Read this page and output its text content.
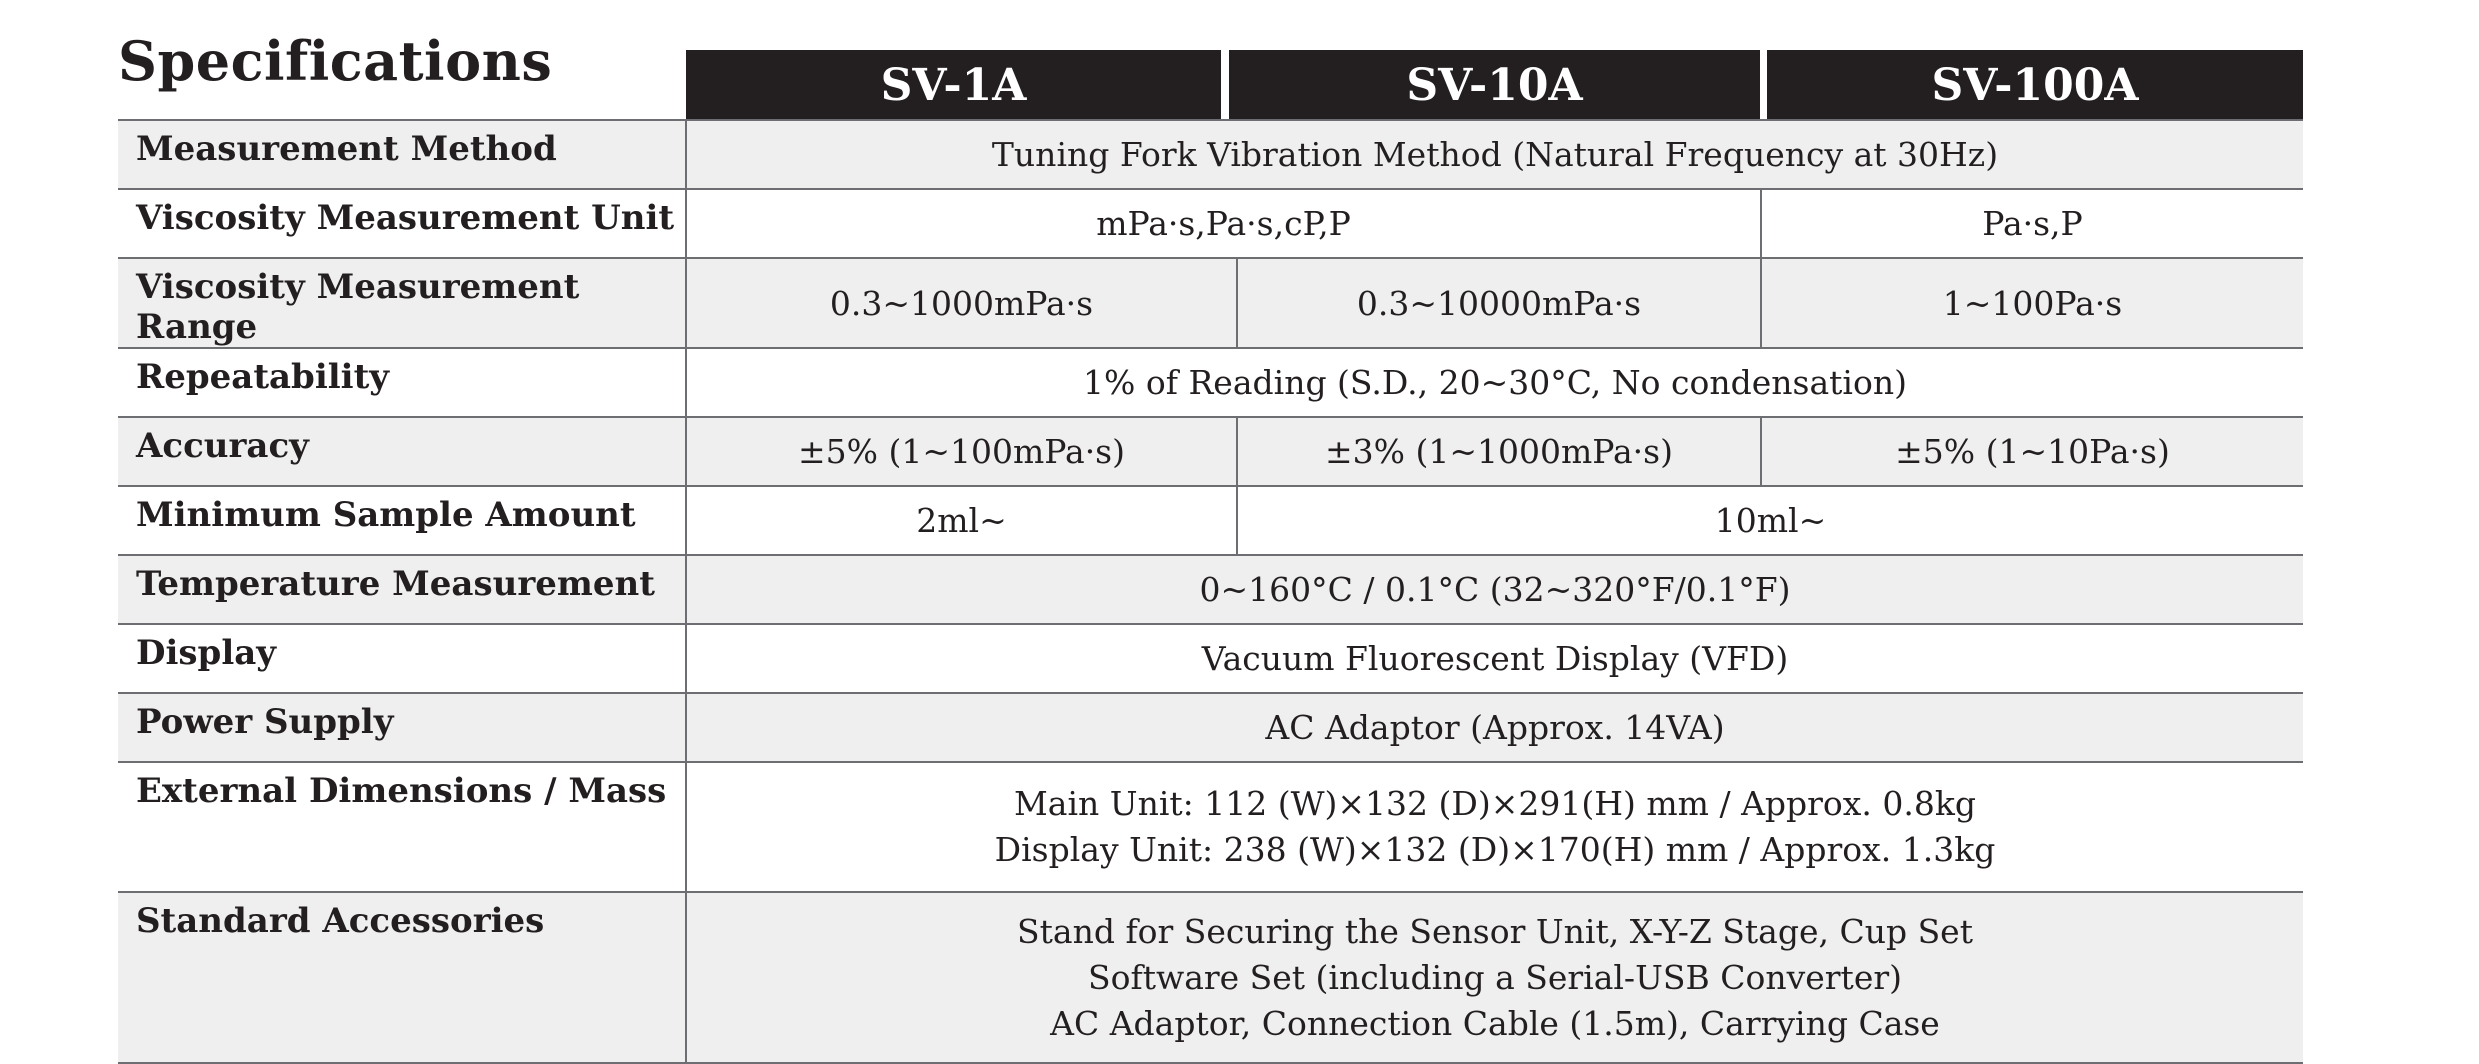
Specifications	SV-1A	SV-10A	SV-100A
Measurement Method	Tuning Fork Vibration Method (Natural Frequency at 30Hz)		
Viscosity Measurement Unit	mPa·s,Pa·s,cP,P		Pa·s,P
Viscosity Measurement Range	0.3~1000mPa·s	0.3~10000mPa·s	1~100Pa·s
Repeatability	1% of Reading (S.D., 20~30°C, No condensation)		
Accuracy	±5% (1~100mPa·s)	±3% (1~1000mPa·s)	±5% (1~10Pa·s)
Minimum Sample Amount	2ml~	10ml~	
Temperature Measurement	0~160°C / 0.1°C (32~320°F/0.1°F)		
Display	Vacuum Fluorescent Display (VFD)		
Power Supply	AC Adaptor (Approx. 14VA)		
External Dimensions / Mass	Main Unit: 112 (W)×132 (D)×291(H) mm / Approx. 0.8kg
Display Unit: 238 (W)×132 (D)×170(H) mm / Approx. 1.3kg		

Standard Accessories	Stand for Securing the Sensor Unit, X-Y-Z Stage, Cup Set
Software Set (including a Serial-USB Converter)
AC Adaptor, Connection Cable (1.5m), Carrying Case		
